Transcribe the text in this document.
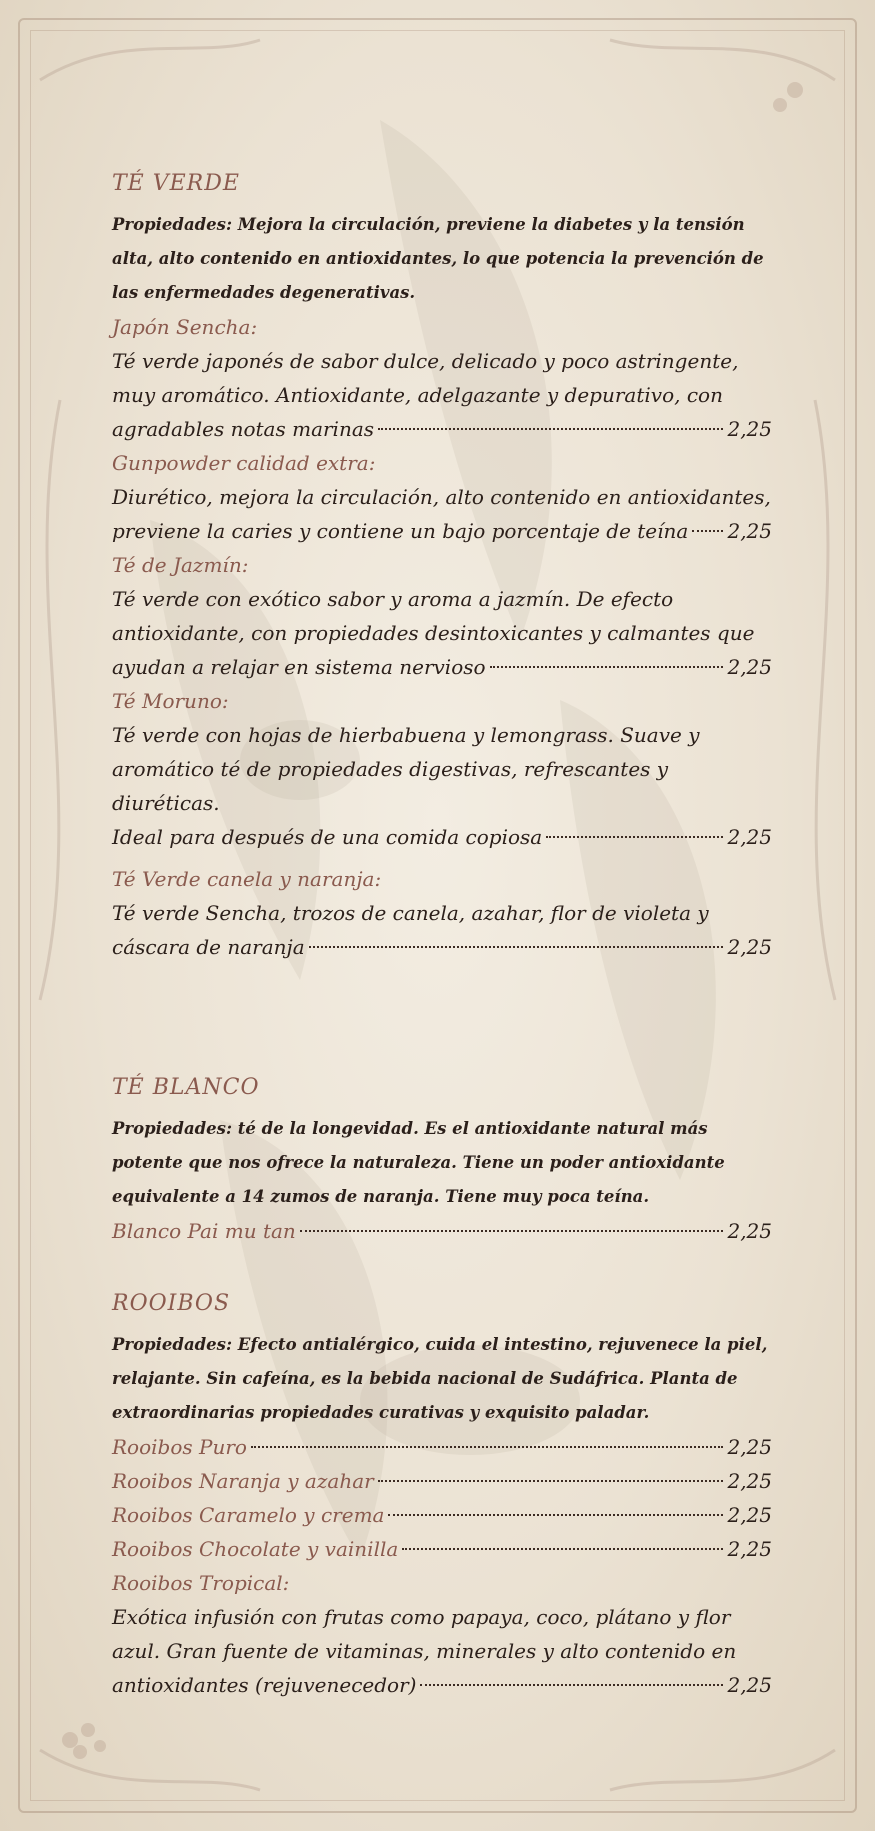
TÉ VERDE

Propiedades: Mejora la circulación, previene la diabetes y la tensión alta, alto contenido en antioxidantes, lo que potencia la prevención de las enfermedades degenerativas.

Japón Sencha:

Té verde japonés de sabor dulce, delicado y poco astringente, muy aromático. Antioxidante, adelgazante y depurativo, con

agradables notas marinas	2,25

Gunpowder calidad extra:

Diurético, mejora la circulación, alto contenido en antioxidantes,

previene la caries y contiene un bajo porcentaje de teína 2,25

Té de Jazmín:

Té verde con exótico sabor y aroma a jazmín. De efecto antioxidante, con propiedades desintoxicantes y calmantes que

ayudan a relajar en sistema nervioso	2,25

Té Moruno:

Té verde con hojas de hierbabuena y lemongrass. Suave y aromático té de propiedades digestivas, refrescantes y diuréticas.

Ideal para después de una comida copiosa	2,25

Té Verde canela y naranja:

Té verde Sencha, trozos de canela, azahar, flor de violeta y

cáscara de naranja	2,25
TÉ BLANCO

Propiedades: té de la longevidad. Es el antioxidante natural más potente que nos ofrece la naturaleza. Tiene un poder antioxidante equivalente a 14 zumos de naranja. Tiene muy poca teína.

Blanco Pai mu tan	2,25
ROOIBOS

Propiedades: Efecto antialérgico, cuida el intestino, rejuvenece la piel, relajante. Sin cafeína, es la bebida nacional de Sudáfrica. Planta de extraordinarias propiedades curativas y exquisito paladar.

Rooibos Puro	2,25
Rooibos Naranja y azahar	2,25
Rooibos Caramelo y crema	2,25
Rooibos Chocolate y vainilla	2,25

Rooibos Tropical:

Exótica infusión con frutas como papaya, coco, plátano y flor azul. Gran fuente de vitaminas, minerales y alto contenido en

antioxidantes (rejuvenecedor)	2,25
